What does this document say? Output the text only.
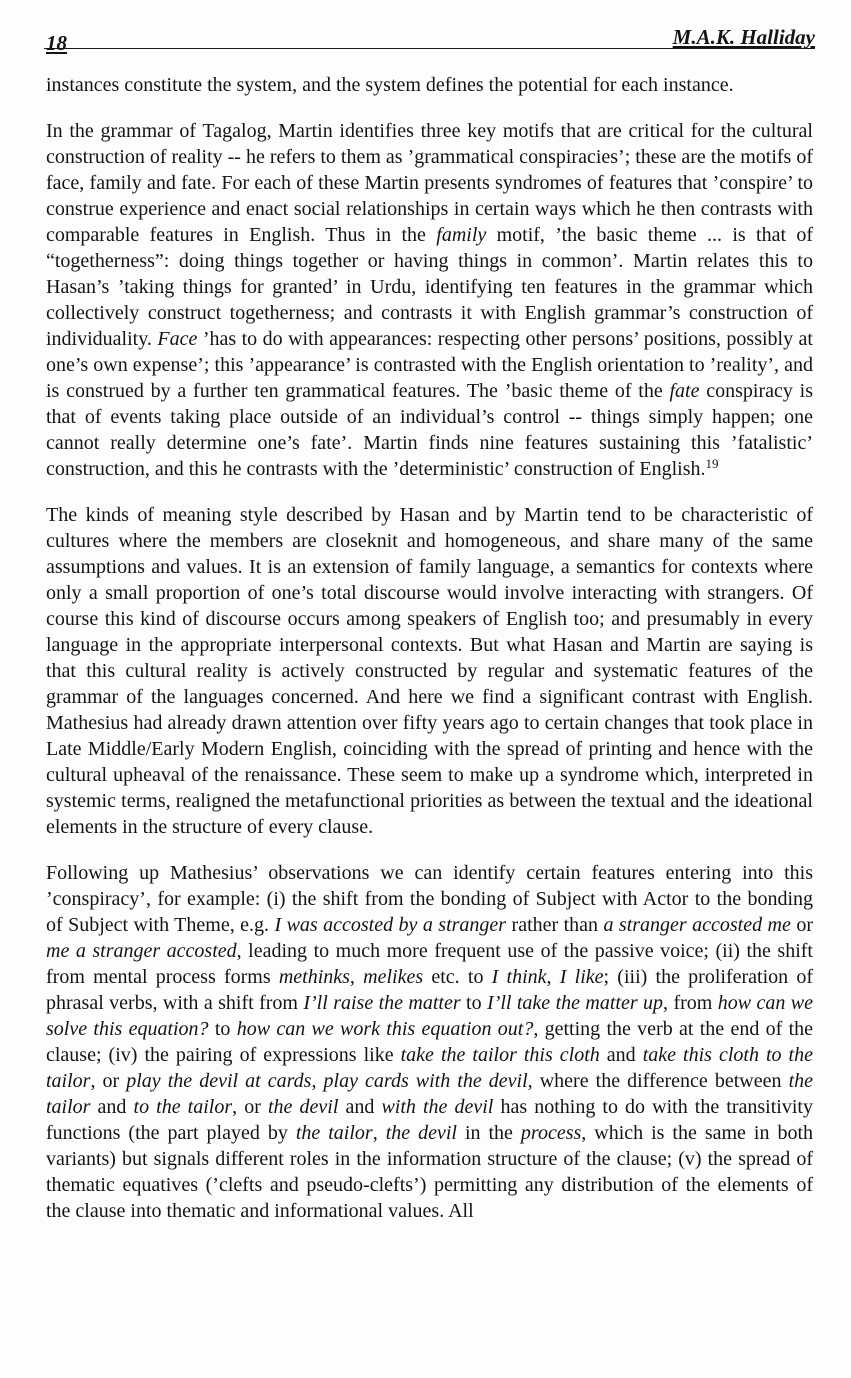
18	M.A.K. Halliday

instances constitute the system, and the system defines the potential for each instance.

In the grammar of Tagalog, Martin identifies three key motifs that are critical for the cultural construction of reality -- he refers to them as ’grammatical conspiracies’; these are the motifs of face, family and fate. For each of these Martin presents syndromes of features that ’conspire’ to construe experience and enact social relationships in certain ways which he then contrasts with comparable features in English. Thus in the family motif, ’the basic theme ... is that of “togetherness”: doing things together or having things in common’. Martin relates this to Hasan’s ’taking things for granted’ in Urdu, identifying ten features in the grammar which collectively construct togetherness; and contrasts it with English grammar’s construction of individuality. Face ’has to do with appearances: respecting other persons’ positions, possibly at one’s own expense’; this ’appearance’ is contrasted with the English orientation to ’reality’, and is construed by a further ten grammatical features. The ’basic theme of the fate conspiracy is that of events taking place outside of an individual’s control -- things simply happen; one cannot really determine one’s fate’. Martin finds nine features sustaining this ’fatalistic’ construction, and this he contrasts with the ’deterministic’ construction of English.$^{19}$

The kinds of meaning style described by Hasan and by Martin tend to be characteristic of cultures where the members are closeknit and homogeneous, and share many of the same assumptions and values. It is an extension of family language, a semantics for contexts where only a small proportion of one’s total discourse would involve interacting with strangers. Of course this kind of discourse occurs among speakers of English too; and presumably in every language in the appropriate interpersonal contexts. But what Hasan and Martin are saying is that this cultural reality is actively constructed by regular and systematic features of the grammar of the languages concerned. And here we find a significant contrast with English. Mathesius had already drawn attention over fifty years ago to certain changes that took place in Late Middle/Early Modern English, coinciding with the spread of printing and hence with the cultural upheaval of the renaissance. These seem to make up a syndrome which, interpreted in systemic terms, realigned the metafunctional priorities as between the textual and the ideational elements in the structure of every clause.

Following up Mathesius’ observations we can identify certain features entering into this ’conspiracy’, for example: (i) the shift from the bonding of Subject with Actor to the bonding of Subject with Theme, e.g. I was accosted by a stranger rather than a stranger accosted me or me a stranger accosted, leading to much more frequent use of the passive voice; (ii) the shift from mental process forms methinks, melikes etc. to I think, I like; (iii) the proliferation of phrasal verbs, with a shift from I’ll raise the matter to I’ll take the matter up, from how can we solve this equation? to how can we work this equation out?, getting the verb at the end of the clause; (iv) the pairing of expressions like take the tailor this cloth and take this cloth to the tailor, or play the devil at cards, play cards with the devil, where the difference between the tailor and to the tailor, or the devil and with the devil has nothing to do with the transitivity functions (the part played by the tailor, the devil in the process, which is the same in both variants) but signals different roles in the information structure of the clause; (v) the spread of thematic equatives (’clefts and pseudo-clefts’) permitting any distribution of the elements of the clause into thematic and informational values. All
